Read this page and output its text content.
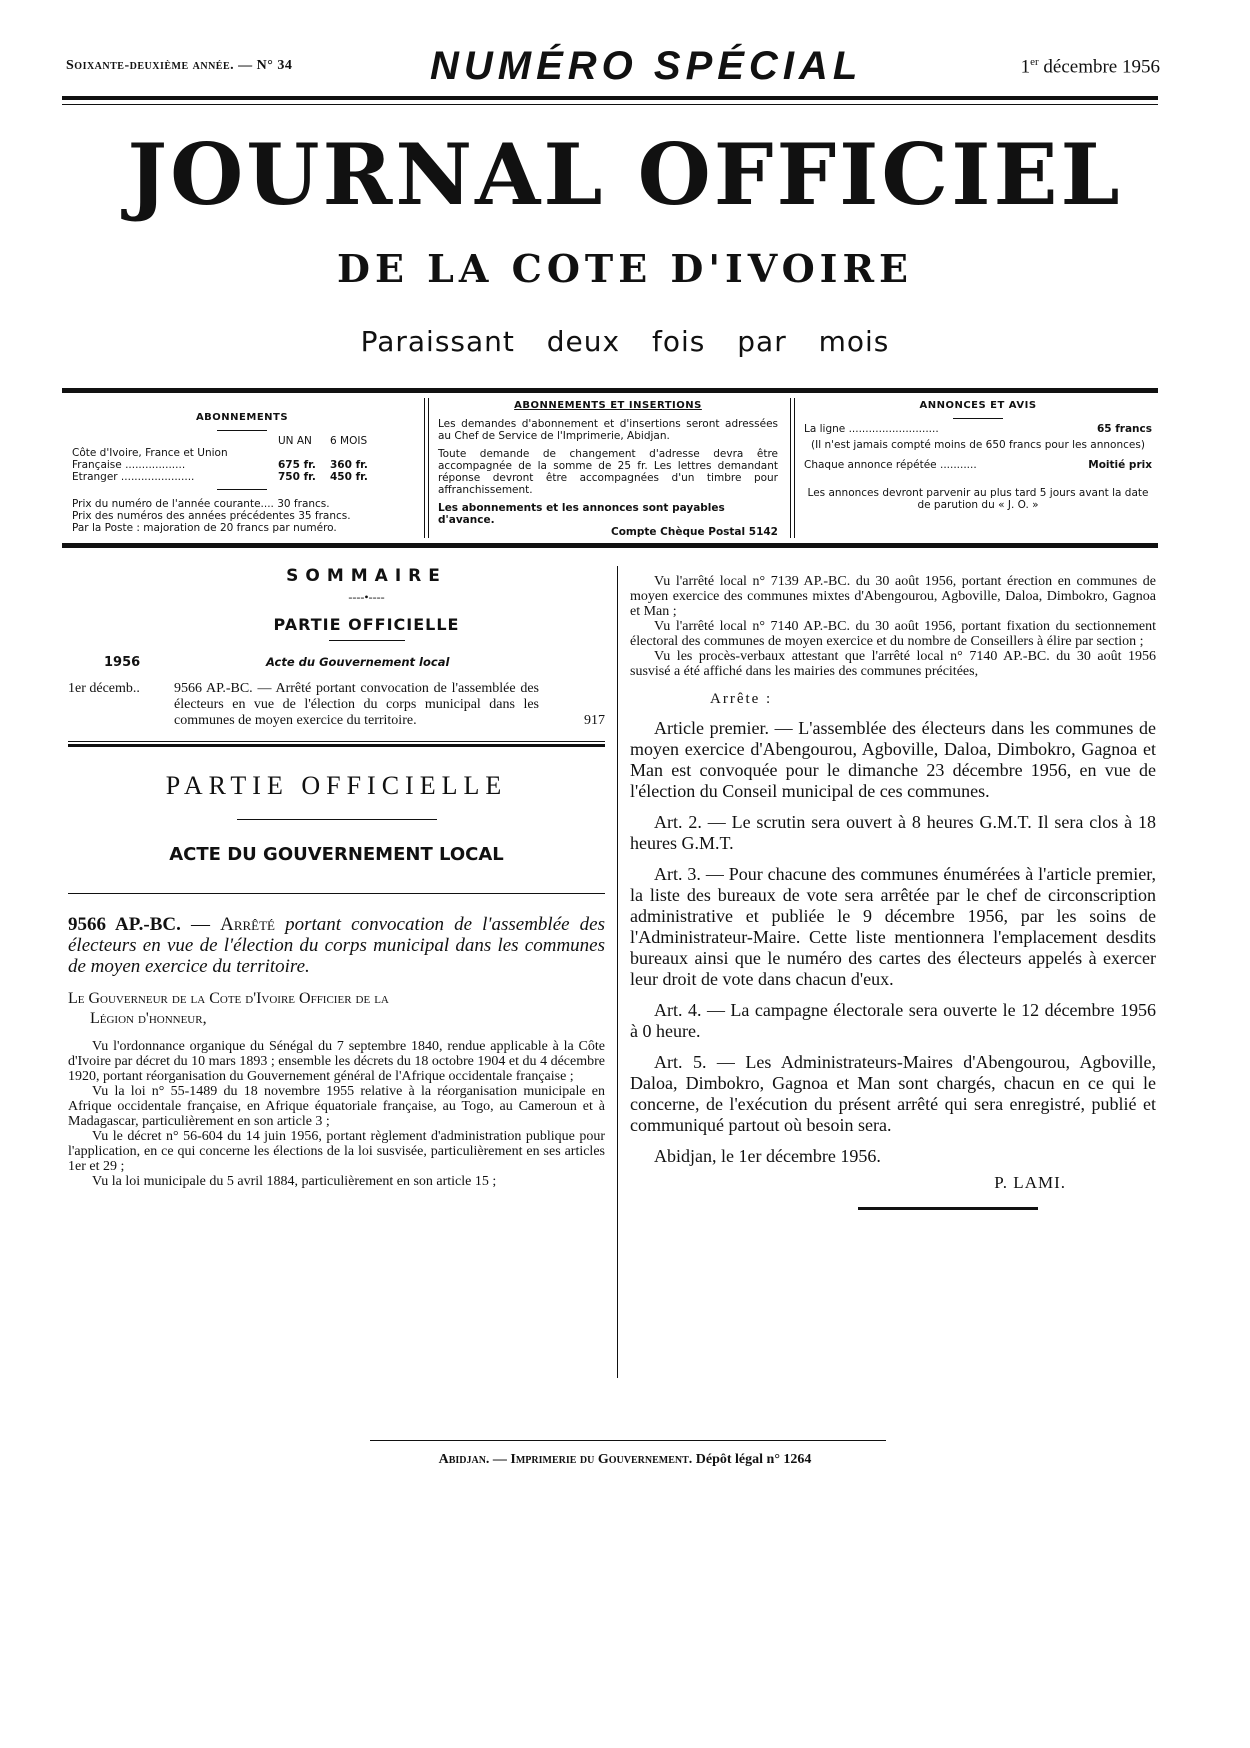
Soixante-deuxième année. — N° 34	NUMÉRO SPÉCIAL	1er décembre 1956
JOURNAL OFFICIEL
DE LA COTE D'IVOIRE
Paraissant deux fois par mois
ABONNEMENTS
UN AN 6 MOIS
Côte d'Ivoire, France et Union
Française ..................	675 fr. 360 fr.
Etranger ......................	750 fr. 450 fr.
Prix du numéro de l'année courante.... 30 francs.
Prix des numéros des années précédentes 35 francs.
Par la Poste : majoration de 20 francs par numéro.
ABONNEMENTS ET INSERTIONS
Les demandes d'abonnement et d'insertions seront adressées au Chef de Service de l'Imprimerie, Abidjan.
Toute demande de changement d'adresse devra être accompagnée de la somme de 25 fr. Les lettres demandant réponse devront être accompagnées d'un timbre pour affranchissement.
Les abonnements et les annonces sont payables d'avance.
Compte Chèque Postal 5142
ANNONCES ET AVIS
La ligne ...........................	65 francs
(Il n'est jamais compté moins de 650 francs pour les annonces)
Chaque annonce répétée ...........	Moitié prix
Les annonces devront parvenir au plus tard 5 jours avant la date de parution du « J. O. »
SOMMAIRE
----•----
PARTIE OFFICIELLE
1956	Acte du Gouvernement local
1er décemb.. 9566 AP.-BC. — Arrêté portant convocation de l'assemblée des électeurs en vue de l'élection du corps municipal dans les communes de moyen exercice du territoire.	917
PARTIE OFFICIELLE
ACTE DU GOUVERNEMENT LOCAL
9566 AP.-BC. — Arrêté portant convocation de l'assemblée des électeurs en vue de l'élection du corps municipal dans les communes de moyen exercice du territoire.
Le Gouverneur de la Cote d'Ivoire Officier de la
Légion d'honneur,

Vu l'ordonnance organique du Sénégal du 7 septembre 1840, rendue applicable à la Côte d'Ivoire par décret du 10 mars 1893 ; ensemble les décrets du 18 octobre 1904 et du 4 décembre 1920, portant réorganisation du Gouvernement général de l'Afrique occidentale française ;

Vu la loi n° 55-1489 du 18 novembre 1955 relative à la réorganisation municipale en Afrique occidentale française, en Afrique équatoriale française, au Togo, au Cameroun et à Madagascar, particulièrement en son article 3 ;

Vu le décret n° 56-604 du 14 juin 1956, portant règlement d'administration publique pour l'application, en ce qui concerne les élections de la loi susvisée, particulièrement en ses articles 1er et 29 ;

Vu la loi municipale du 5 avril 1884, particulièrement en son article 15 ;

Vu l'arrêté local n° 7139 AP.-BC. du 30 août 1956, portant érection en communes de moyen exercice des communes mixtes d'Abengourou, Agboville, Daloa, Dimbokro, Gagnoa et Man ;

Vu l'arrêté local n° 7140 AP.-BC. du 30 août 1956, portant fixation du sectionnement électoral des communes de moyen exercice et du nombre de Conseillers à élire par section ;

Vu les procès-verbaux attestant que l'arrêté local n° 7140 AP.-BC. du 30 août 1956 susvisé a été affiché dans les mairies des communes précitées,

Arrête :

Article premier. — L'assemblée des électeurs dans les communes de moyen exercice d'Abengourou, Agboville, Daloa, Dimbokro, Gagnoa et Man est convoquée pour le dimanche 23 décembre 1956, en vue de l'élection du Conseil municipal de ces communes.

Art. 2. — Le scrutin sera ouvert à 8 heures G.M.T. Il sera clos à 18 heures G.M.T.

Art. 3. — Pour chacune des communes énumérées à l'article premier, la liste des bureaux de vote sera arrêtée par le chef de circonscription administrative et publiée le 9 décembre 1956, par les soins de l'Administrateur-Maire. Cette liste mentionnera l'emplacement desdits bureaux ainsi que le numéro des cartes des électeurs appelés à exercer leur droit de vote dans chacun d'eux.

Art. 4. — La campagne électorale sera ouverte le 12 décembre 1956 à 0 heure.

Art. 5. — Les Administrateurs-Maires d'Abengourou, Agboville, Daloa, Dimbokro, Gagnoa et Man sont chargés, chacun en ce qui le concerne, de l'exécution du présent arrêté qui sera enregistré, publié et communiqué partout où besoin sera.

Abidjan, le 1er décembre 1956.
P. LAMI.
Abidjan. — Imprimerie du Gouvernement. Dépôt légal n° 1264
